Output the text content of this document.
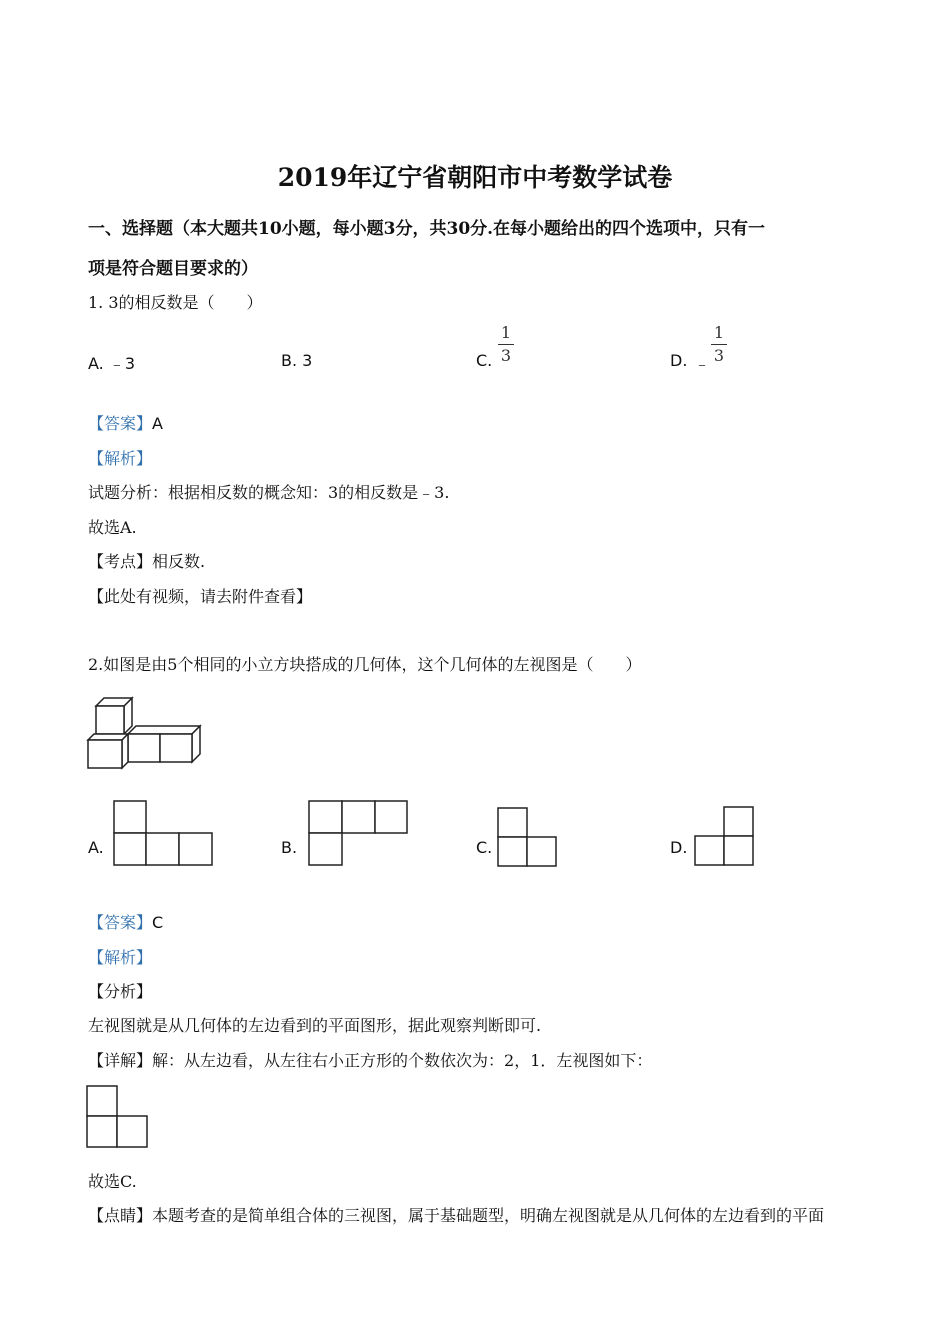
2019年辽宁省朝阳市中考数学试卷
一、选择题（本大题共10小题，每小题3分，共30分.在每小题给出的四个选项中，只有一
项是符合题目要求的）
1. 3的相反数是（　　）
A. ﹣3	B. 3	C.
1
3	D. ﹣
1
3
【答案】A
【解析】
试题分析：根据相反数的概念知：3的相反数是﹣3.
故选A.
【考点】相反数.
【此处有视频，请去附件查看】
2.如图是由5个相同的小立方块搭成的几何体，这个几何体的左视图是（　　）
A.	B.	C.	D.
【答案】C
【解析】
【分析】
左视图就是从几何体的左边看到的平面图形，据此观察判断即可.
【详解】解：从左边看，从左往右小正方形的个数依次为：2，1．左视图如下：
故选C.
【点睛】本题考查的是简单组合体的三视图，属于基础题型，明确左视图就是从几何体的左边看到的平面
